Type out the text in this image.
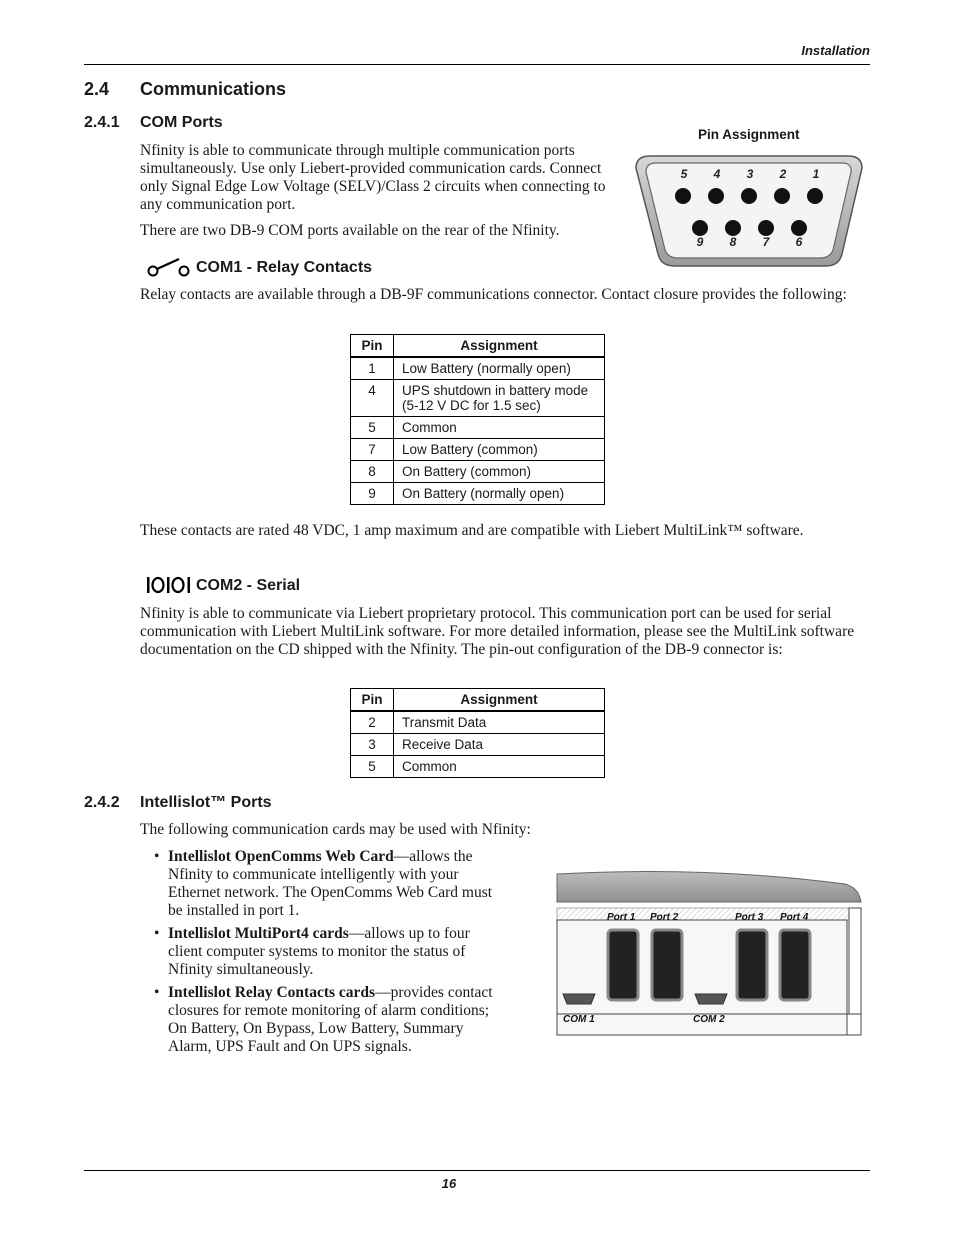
Installation
2.4 Communications
2.4.1 COM Ports
Nfinity is able to communicate through multiple communication ports simultaneously. Use only Liebert-provided communication cards. Connect only Signal Edge Low Voltage (SELV)/Class 2 circuits when connecting to any communication port.
There are two DB-9 COM ports available on the rear of the Nfinity.
Pin Assignment
5 4 3 2 1
9 8 7 6
COM1 - Relay Contacts
Relay contacts are available through a DB-9F communications connector. Contact closure provides the following:
Pin	Assignment
1	Low Battery (normally open)
4	UPS shutdown in battery mode (5-12 V DC for 1.5 sec)
5	Common
7	Low Battery (common)
8	On Battery (common)
9	On Battery (normally open)
These contacts are rated 48 VDC, 1 amp maximum and are compatible with Liebert MultiLink™ software.
COM2 - Serial
Nfinity is able to communicate via Liebert proprietary protocol. This communication port can be used for serial communication with Liebert MultiLink software. For more detailed information, please see the MultiLink software documentation on the CD shipped with the Nfinity. The pin-out configuration of the DB-9 connector is:
Pin	Assignment
2	Transmit Data
3	Receive Data
5	Common
2.4.2 Intellislot™ Ports
The following communication cards may be used with Nfinity:
• Intellislot OpenComms Web Card—allows the Nfinity to communicate intelligently with your Ethernet network. The OpenComms Web Card must be installed in port 1.
• Intellislot MultiPort4 cards—allows up to four client computer systems to monitor the status of Nfinity simultaneously.
• Intellislot Relay Contacts cards—provides contact closures for remote monitoring of alarm conditions; On Battery, On Bypass, Low Battery, Summary Alarm, UPS Fault and On UPS signals.
Port 1 Port 2	Port 3 Port 4
COM 1	COM 2
16
